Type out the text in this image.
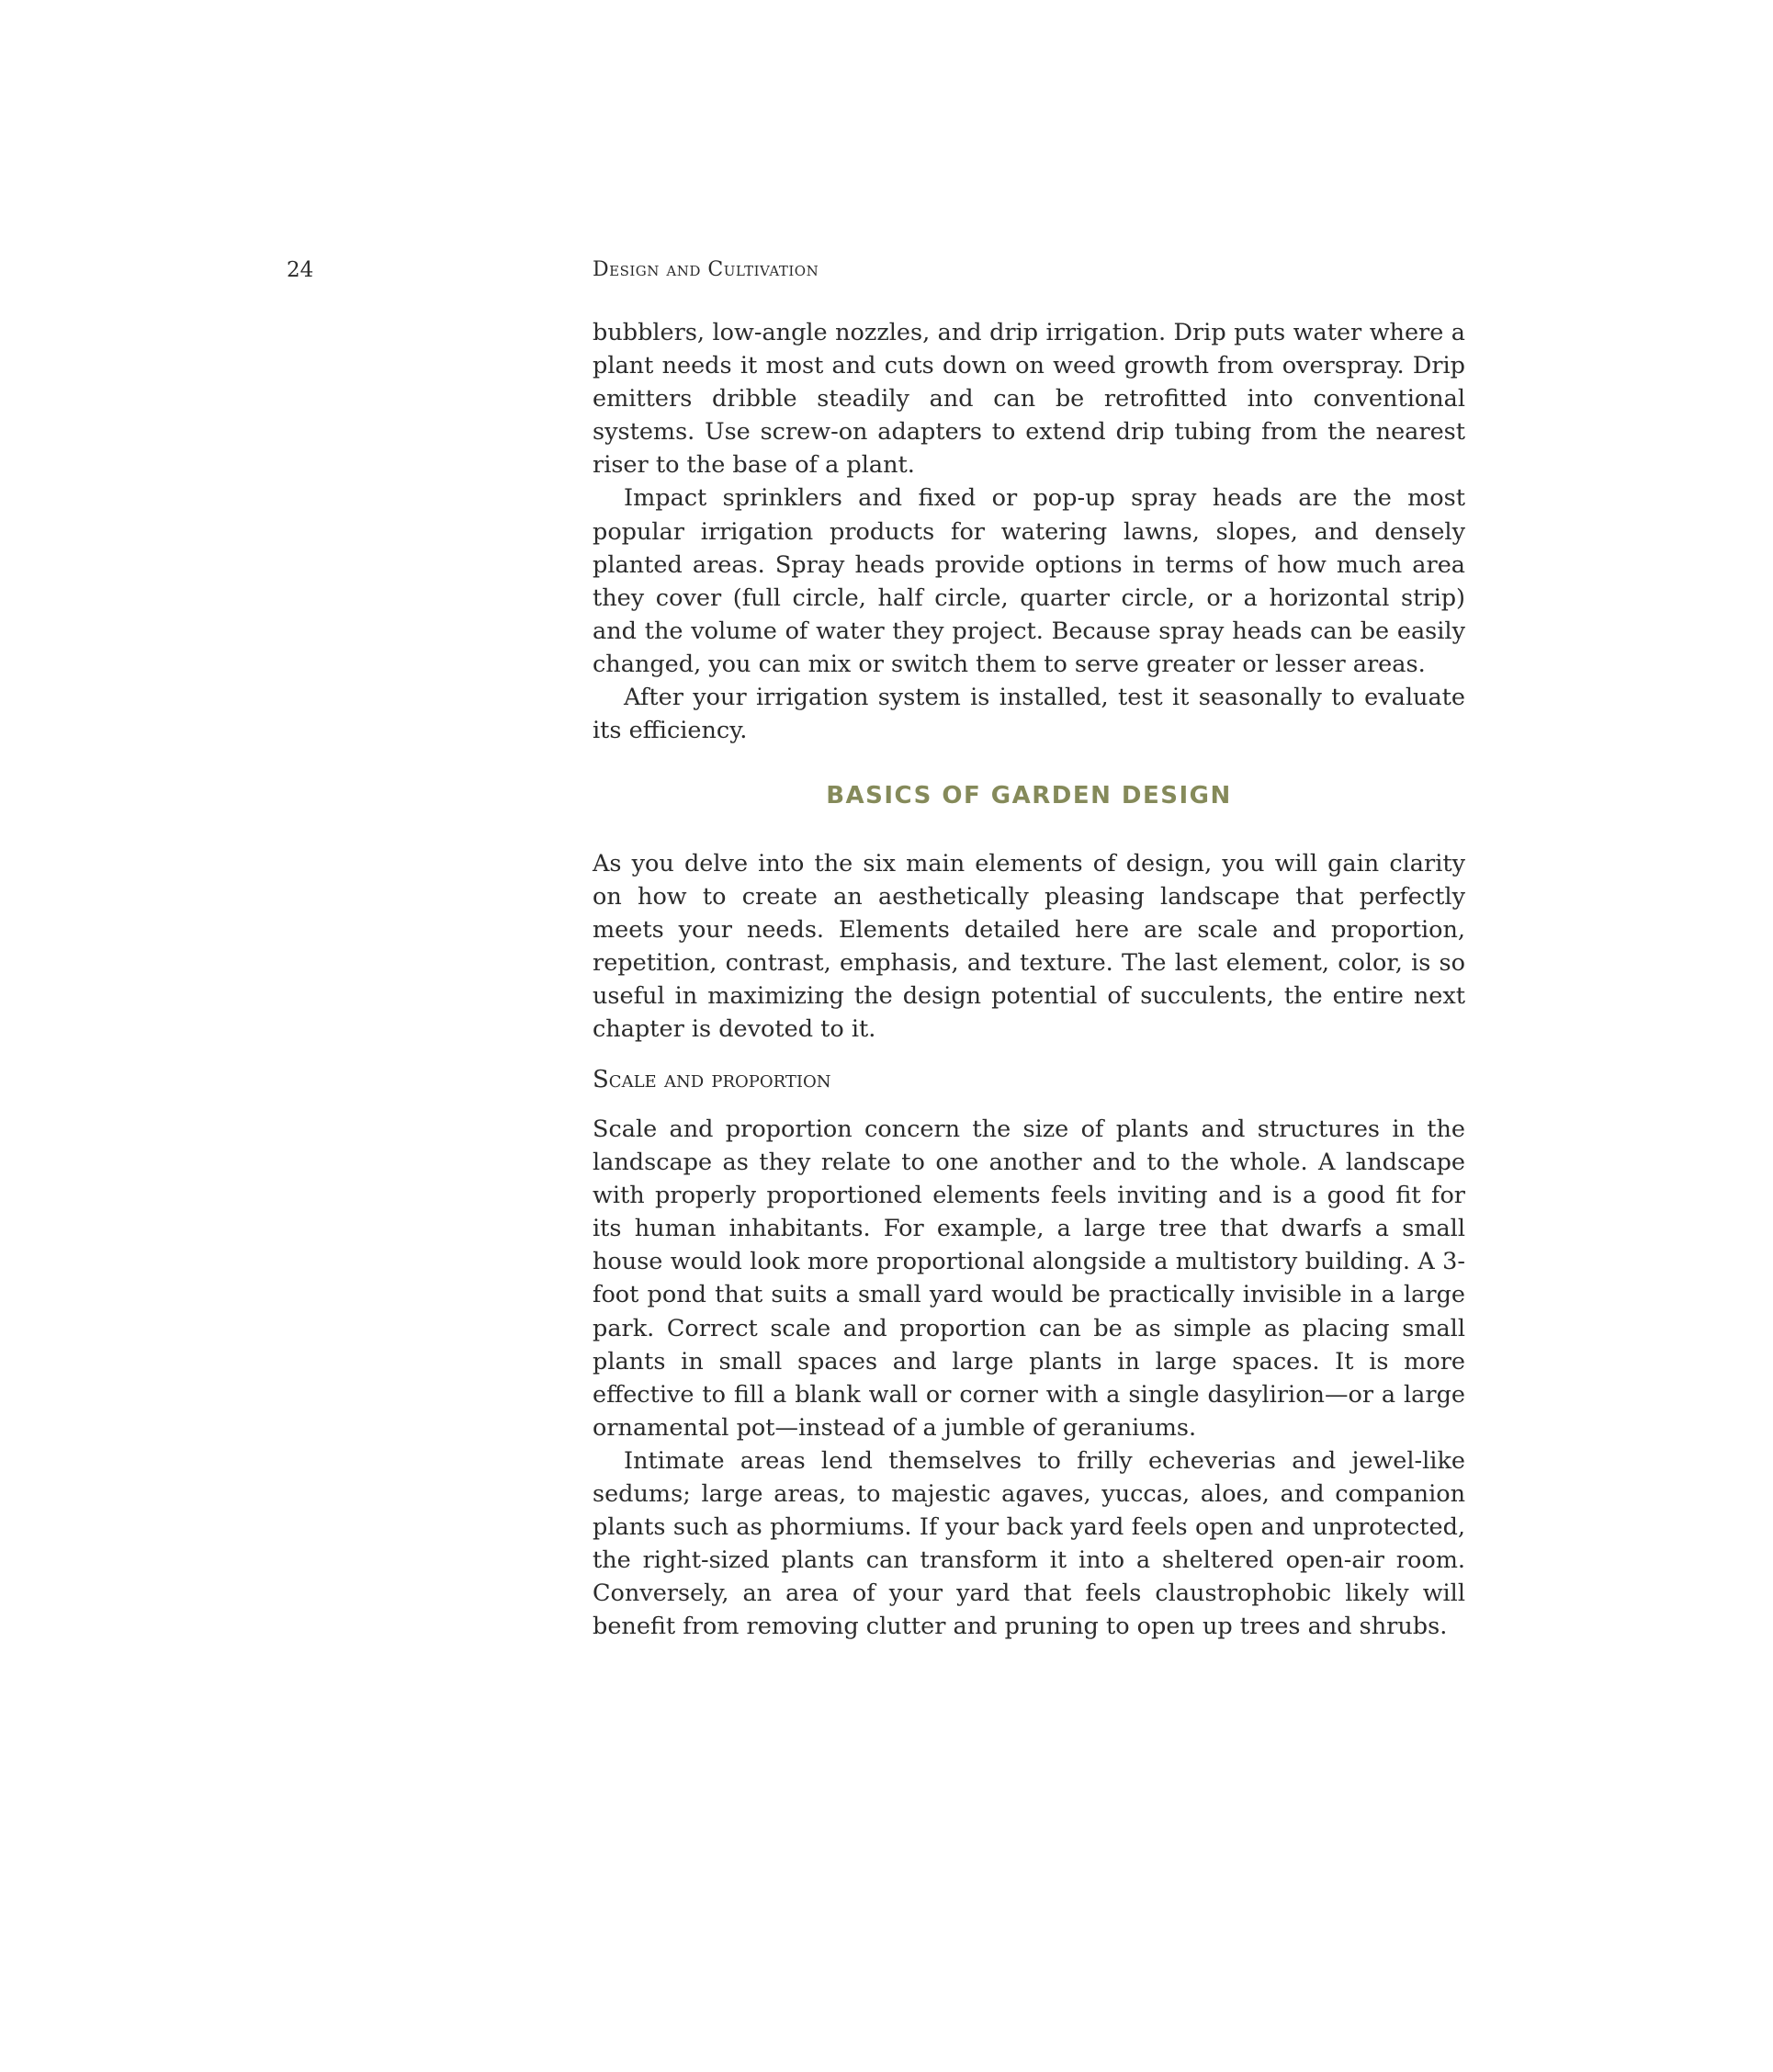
24	Design and Cultivation

bubblers, low-angle nozzles, and drip irrigation. Drip puts water where a plant needs it most and cuts down on weed growth from overspray. Drip emitters dribble steadily and can be retrofitted into conventional systems. Use screw-on adapters to extend drip tubing from the nearest riser to the base of a plant.

Impact sprinklers and fixed or pop-up spray heads are the most popular irrigation products for watering lawns, slopes, and densely planted areas. Spray heads provide options in terms of how much area they cover (full circle, half circle, quarter circle, or a horizontal strip) and the volume of water they project. Because spray heads can be easily changed, you can mix or switch them to serve greater or lesser areas.

After your irrigation system is installed, test it seasonally to evaluate its efficiency.

BASICS OF GARDEN DESIGN

As you delve into the six main elements of design, you will gain clarity on how to create an aesthetically pleasing landscape that perfectly meets your needs. Elements detailed here are scale and proportion, repetition, contrast, emphasis, and texture. The last element, color, is so useful in maximizing the design potential of succulents, the entire next chapter is devoted to it.

Scale and proportion

Scale and proportion concern the size of plants and structures in the landscape as they relate to one another and to the whole. A landscape with properly proportioned elements feels inviting and is a good fit for its human inhabitants. For example, a large tree that dwarfs a small house would look more proportional alongside a multistory building. A 3-foot pond that suits a small yard would be practically invisible in a large park. Correct scale and proportion can be as simple as placing small plants in small spaces and large plants in large spaces. It is more effective to fill a blank wall or corner with a single dasylirion—or a large ornamental pot—instead of a jumble of geraniums.

Intimate areas lend themselves to frilly echeverias and jewel-like sedums; large areas, to majestic agaves, yuccas, aloes, and companion plants such as phormiums. If your back yard feels open and unprotected, the right-sized plants can transform it into a sheltered open-air room. Conversely, an area of your yard that feels claustrophobic likely will benefit from removing clutter and pruning to open up trees and shrubs.
